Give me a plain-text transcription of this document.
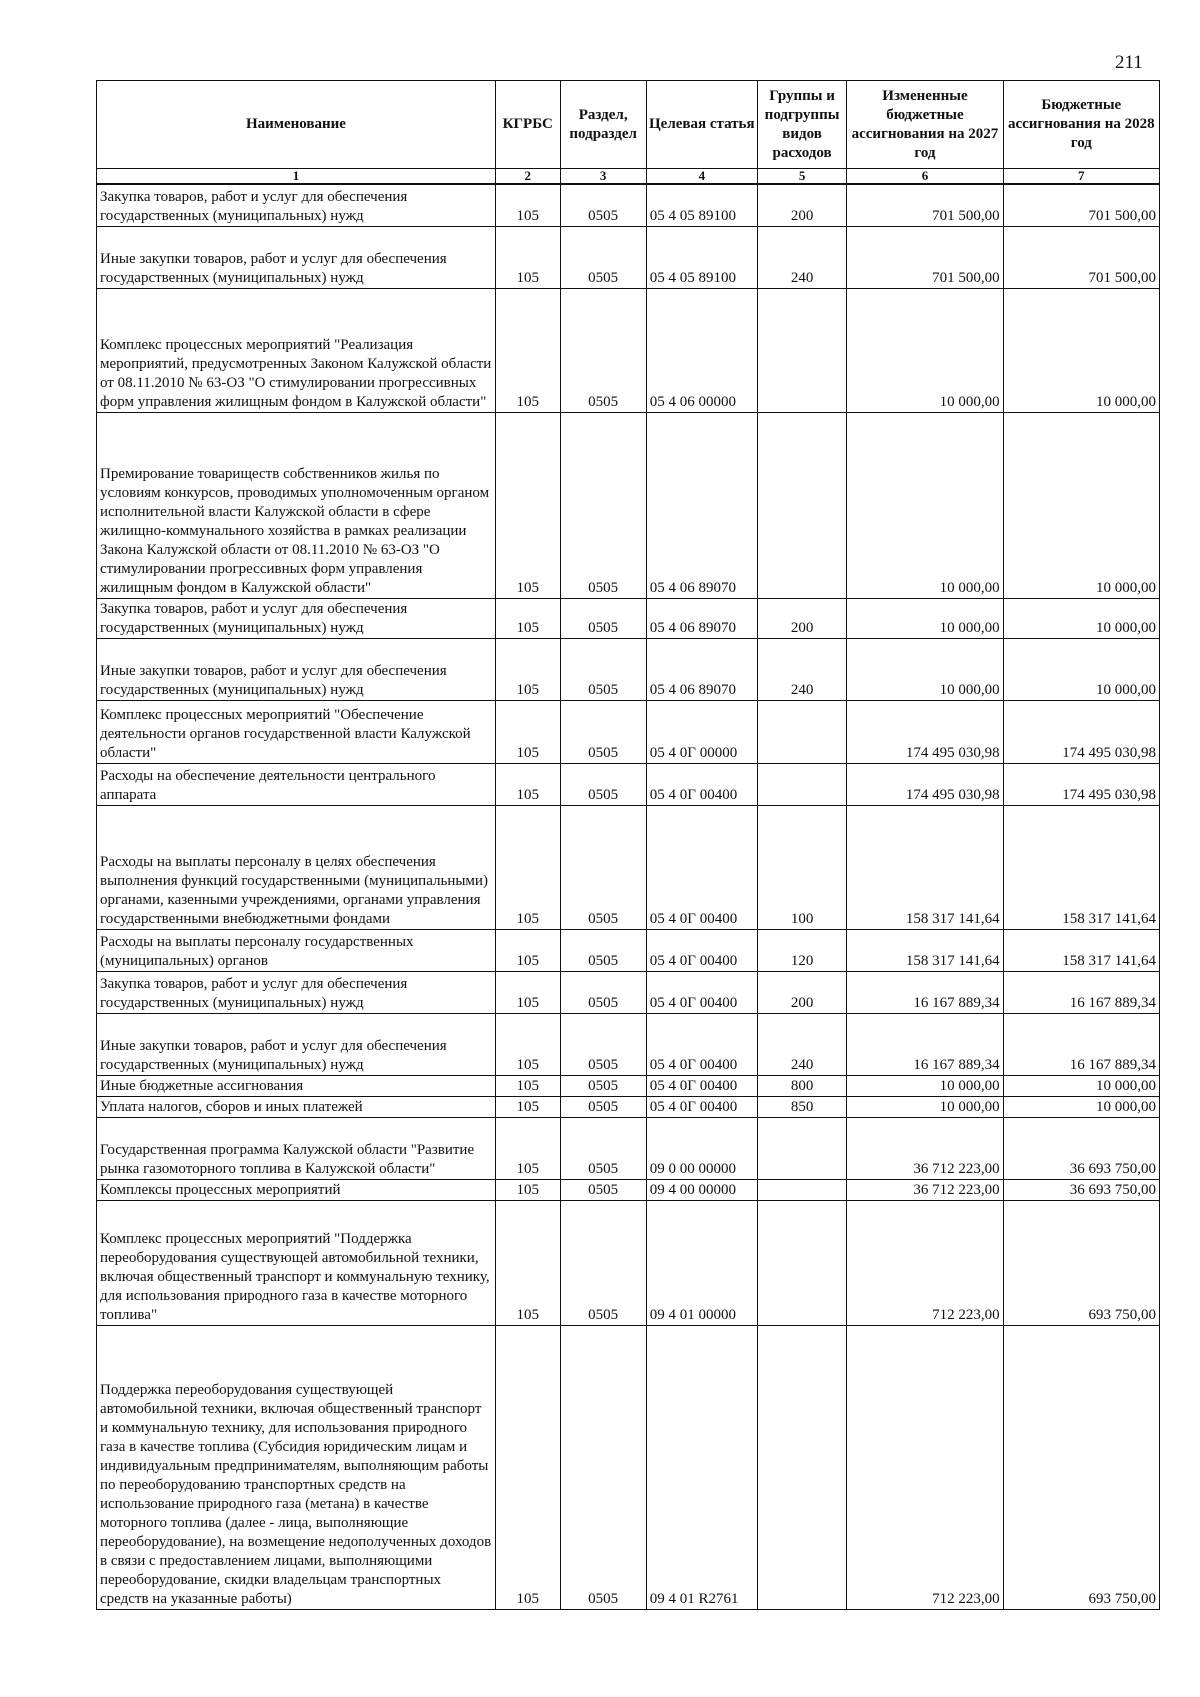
211
Наименование	КГРБС	Раздел, подраздел	Целевая статья	Группы и подгруппы видов расходов	Измененные бюджетные ассигнования на 2027 год	Бюджетные ассигнования на 2028 год
1	2	3	4	5	6	7
Закупка товаров, работ и услуг для обеспечения государственных (муниципальных) нужд	105	0505	05 4 05 89100	200	701 500,00	701 500,00
Иные закупки товаров, работ и услуг для обеспечения государственных (муниципальных) нужд	105	0505	05 4 05 89100	240	701 500,00	701 500,00
Комплекс процессных мероприятий "Реализация мероприятий, предусмотренных Законом Калужской области от 08.11.2010 № 63-ОЗ "О стимулировании прогрессивных форм управления жилищным фондом в Калужской области"	105	0505	05 4 06 00000		10 000,00	10 000,00
Премирование товариществ собственников жилья по условиям конкурсов, проводимых уполномоченным органом исполнительной власти Калужской области в сфере жилищно-коммунального хозяйства в рамках реализации Закона Калужской области от 08.11.2010 № 63-ОЗ "О стимулировании прогрессивных форм управления жилищным фондом в Калужской области"	105	0505	05 4 06 89070		10 000,00	10 000,00
Закупка товаров, работ и услуг для обеспечения государственных (муниципальных) нужд	105	0505	05 4 06 89070	200	10 000,00	10 000,00
Иные закупки товаров, работ и услуг для обеспечения государственных (муниципальных) нужд	105	0505	05 4 06 89070	240	10 000,00	10 000,00
Комплекс процессных мероприятий "Обеспечение деятельности органов государственной власти Калужской области"	105	0505	05 4 0Г 00000		174 495 030,98	174 495 030,98
Расходы на обеспечение деятельности центрального аппарата	105	0505	05 4 0Г 00400		174 495 030,98	174 495 030,98
Расходы на выплаты персоналу в целях обеспечения выполнения функций государственными (муниципальными) органами, казенными учреждениями, органами управления государственными внебюджетными фондами	105	0505	05 4 0Г 00400	100	158 317 141,64	158 317 141,64
Расходы на выплаты персоналу государственных (муниципальных) органов	105	0505	05 4 0Г 00400	120	158 317 141,64	158 317 141,64
Закупка товаров, работ и услуг для обеспечения государственных (муниципальных) нужд	105	0505	05 4 0Г 00400	200	16 167 889,34	16 167 889,34
Иные закупки товаров, работ и услуг для обеспечения государственных (муниципальных) нужд	105	0505	05 4 0Г 00400	240	16 167 889,34	16 167 889,34
Иные бюджетные ассигнования	105	0505	05 4 0Г 00400	800	10 000,00	10 000,00
Уплата налогов, сборов и иных платежей	105	0505	05 4 0Г 00400	850	10 000,00	10 000,00
Государственная программа Калужской области "Развитие рынка газомоторного топлива в Калужской области"	105	0505	09 0 00 00000		36 712 223,00	36 693 750,00
Комплексы процессных мероприятий	105	0505	09 4 00 00000		36 712 223,00	36 693 750,00
Комплекс процессных мероприятий "Поддержка переоборудования существующей автомобильной техники, включая общественный транспорт и коммунальную технику, для использования природного газа в качестве моторного топлива"	105	0505	09 4 01 00000		712 223,00	693 750,00
Поддержка переоборудования существующей автомобильной техники, включая общественный транспорт и коммунальную технику, для использования природного газа в качестве топлива (Субсидия юридическим лицам и индивидуальным предпринимателям, выполняющим работы по переоборудованию транспортных средств на использование природного газа (метана) в качестве моторного топлива (далее - лица, выполняющие переоборудование), на возмещение недополученных доходов в связи с предоставлением лицами, выполняющими переоборудование, скидки владельцам транспортных средств на указанные работы)	105	0505	09 4 01 R2761		712 223,00	693 750,00
